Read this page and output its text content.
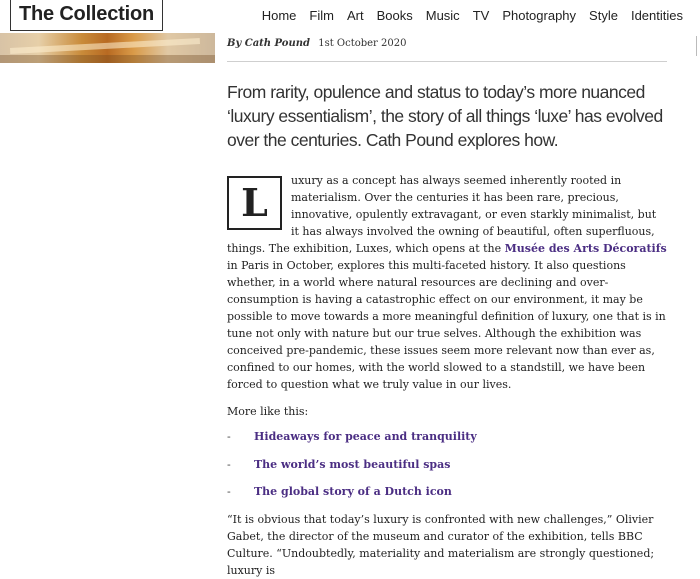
The Collection	Home Film Art Books Music TV Photography Style Identities
By Cath Pound 1st October 2020

From rarity, opulence and status to today’s more nuanced ‘luxury essentialism’, the story of all things ‘luxe’ has evolved over the centuries. Cath Pound explores how.

L	uxury as a concept has always seemed inherently rooted in materialism. Over the centuries it has been rare, precious, innovative, opulently extravagant, or even starkly minimalist, but it has always involved the owning of beautiful, often superfluous, things. The exhibition, Luxes, which opens at the Musée des Arts Décoratifs in Paris in October, explores this multi-faceted history. It also questions whether, in a world where natural resources are declining and over-consumption is having a catastrophic effect on our environment, it may be possible to move towards a more meaningful definition of luxury, one that is in tune not only with nature but our true selves. Although the exhibition was conceived pre-pandemic, these issues seem more relevant now than ever as, confined to our homes, with the world slowed to a standstill, we have been forced to question what we truly value in our lives.

More like this:

-	Hideaways for peace and tranquility
-	The world’s most beautiful spas
-	The global story of a Dutch icon

“It is obvious that today’s luxury is confronted with new challenges,” Olivier Gabet, the director of the museum and curator of the exhibition, tells BBC Culture. “Undoubtedly, materiality and materialism are strongly questioned; luxury is
